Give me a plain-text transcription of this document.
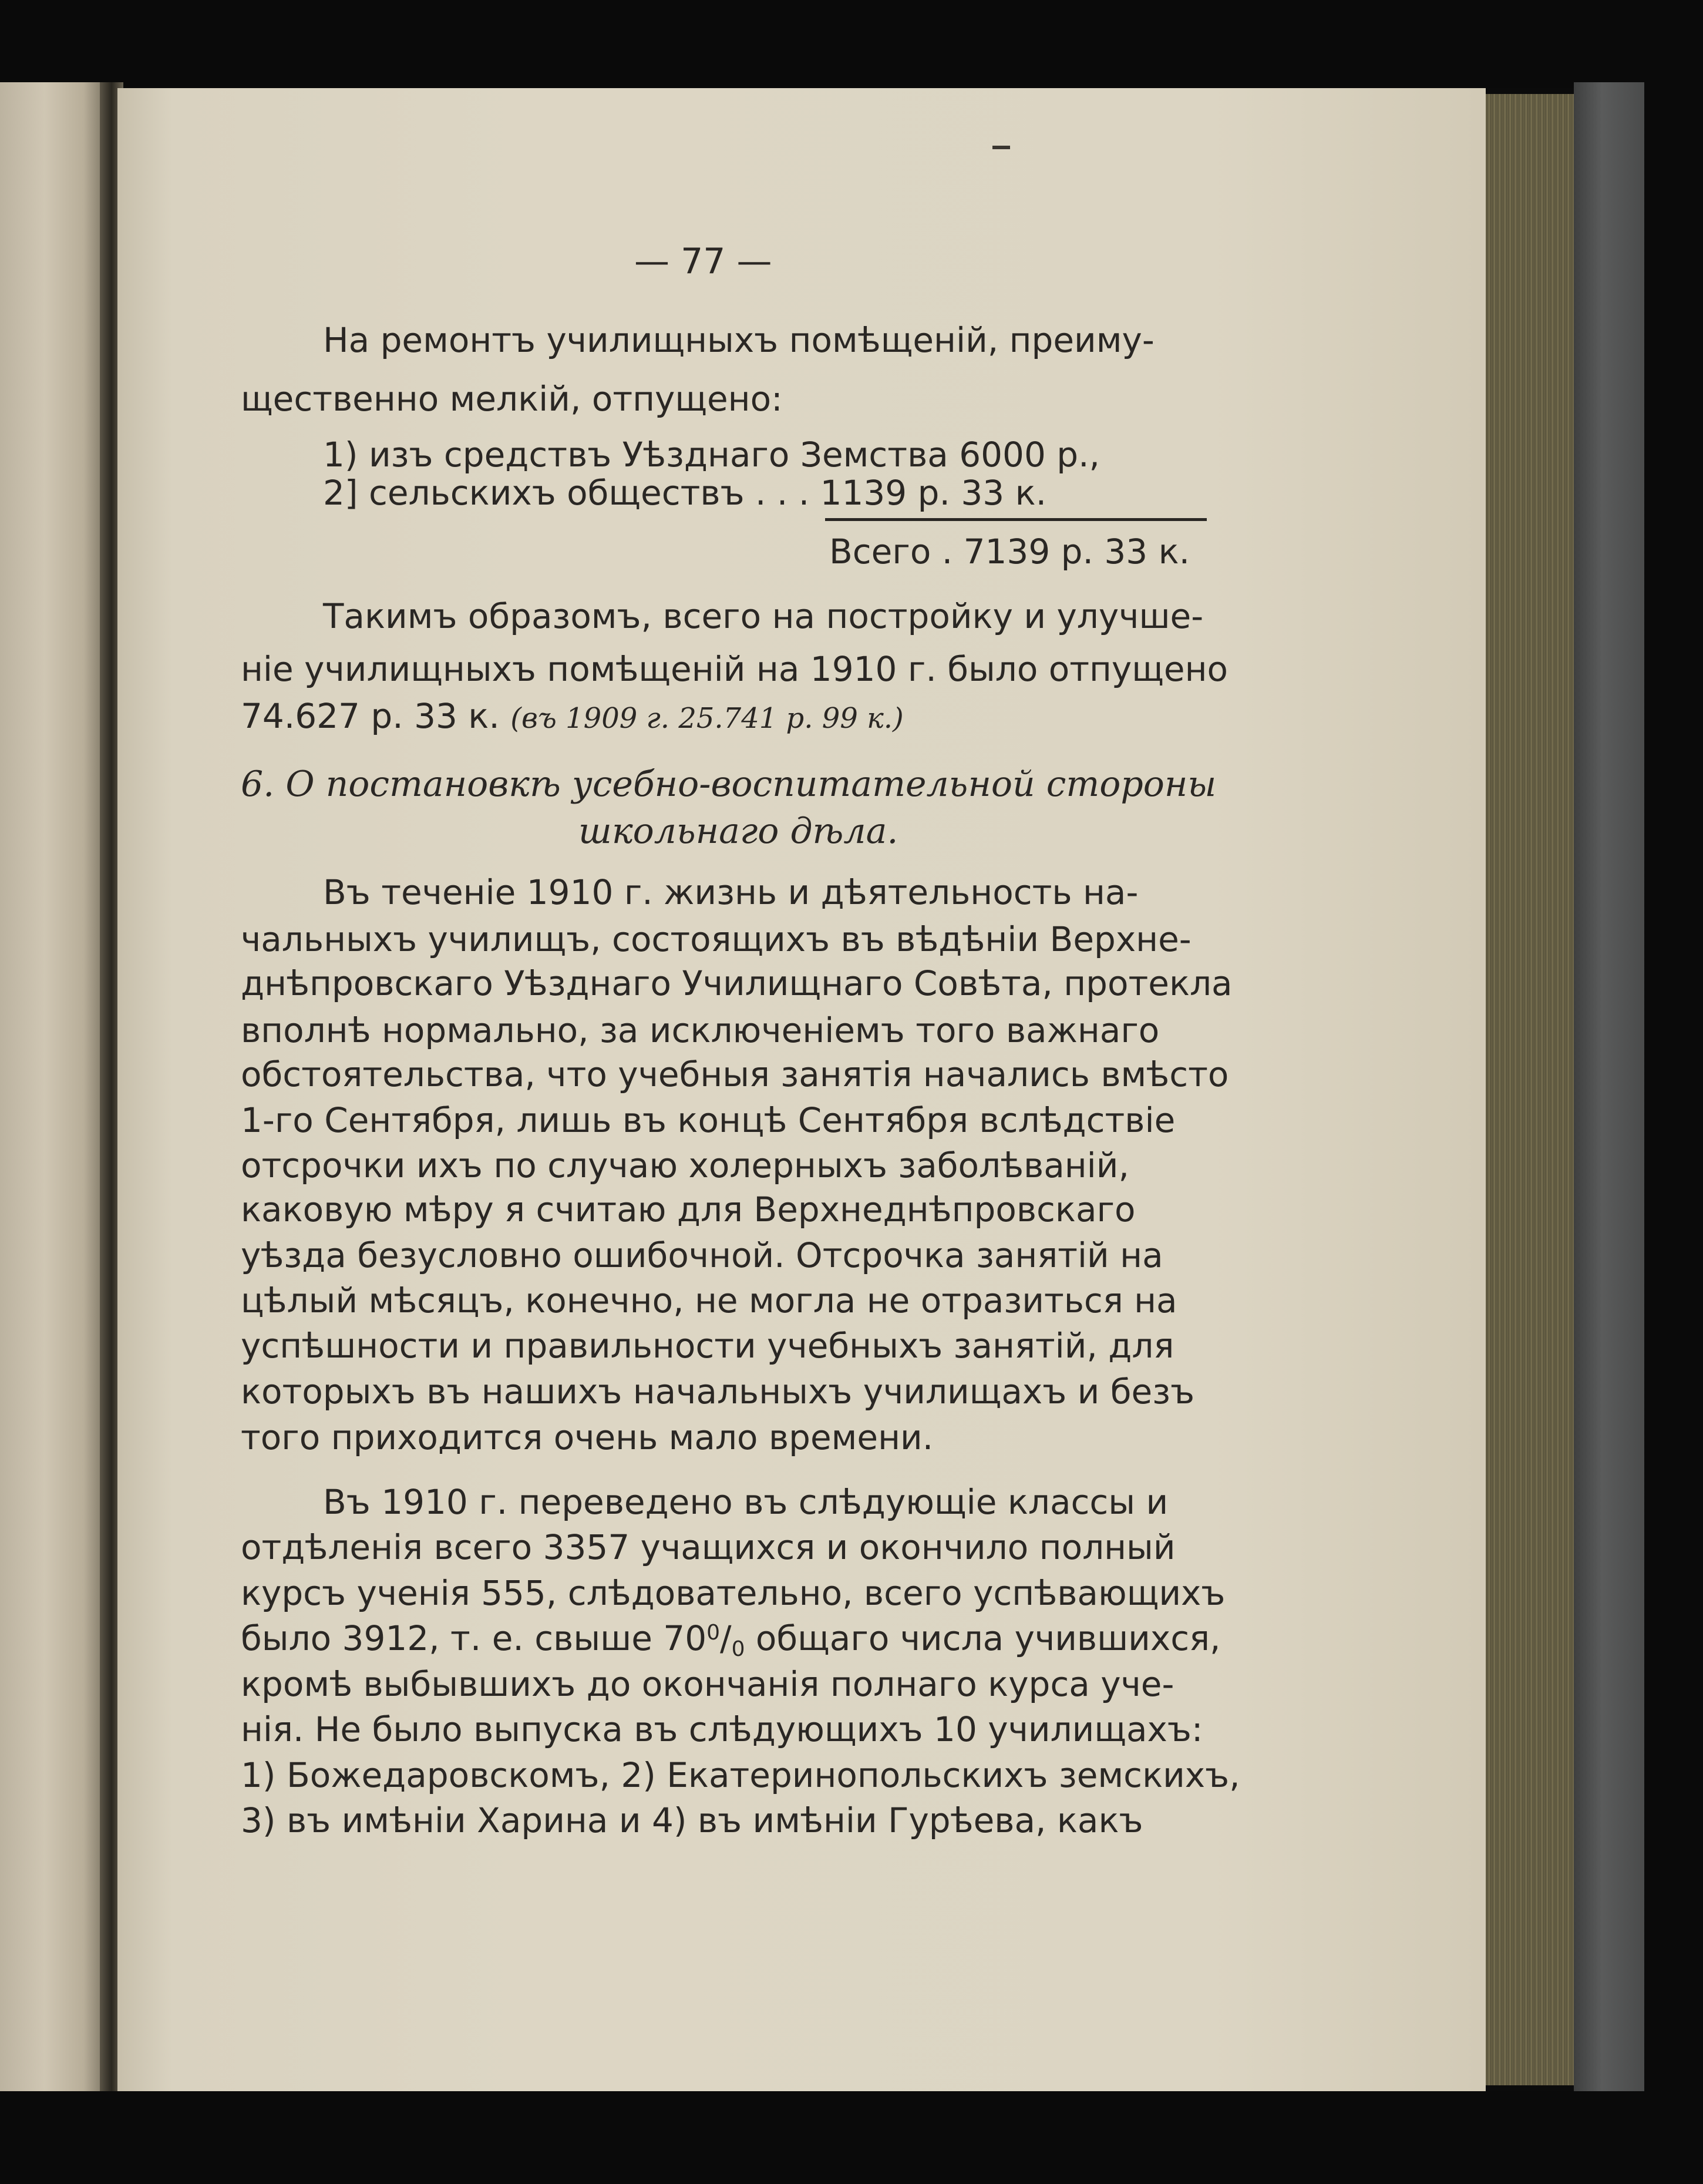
— 77 —
На ремонтъ училищныхъ помѣщеній, преиму-
щественно мелкій, отпущено:
1) изъ средствъ Уѣзднаго Земства 6000 р.,
2] сельскихъ обществъ . . . 1139 р. 33 к.
Всего . 7139 р. 33 к.
Такимъ образомъ, всего на постройку и улучше-
ніе училищныхъ помѣщеній на 1910 г. было отпущено
74.627 р. 33 к. (въ 1909 г. 25.741 р. 99 к.)
6. О постановкѣ усебно-воспитательной стороны
школьнаго дѣла.
Въ теченіе 1910 г. жизнь и дѣятельность на-
чальныхъ училищъ, состоящихъ въ вѣдѣніи Верхне-
днѣпровскаго Уѣзднаго Училищнаго Совѣта, протекла
вполнѣ нормально, за исключеніемъ того важнаго
обстоятельства, что учебныя занятія начались вмѣсто
1-го Сентября, лишь въ концѣ Сентября вслѣдствіе
отсрочки ихъ по случаю холерныхъ заболѣваній,
каковую мѣру я считаю для Верхнеднѣпровскаго
уѣзда безусловно ошибочной. Отсрочка занятій на
цѣлый мѣсяцъ, конечно, не могла не отразиться на
успѣшности и правильности учебныхъ занятій, для
которыхъ въ нашихъ начальныхъ училищахъ и безъ
того приходится очень мало времени.
Въ 1910 г. переведено въ слѣдующіе классы и
отдѣленія всего 3357 учащихся и окончило полный
курсъ ученія 555, слѣдовательно, всего успѣвающихъ
было 3912, т. е. свыше $70^0/_0$ общаго числа учившихся,
кромѣ выбывшихъ до окончанія полнаго курса уче-
нія. Не было выпуска въ слѣдующихъ 10 училищахъ:
1) Божедаровскомъ, 2) Екатеринопольскихъ земскихъ,
3) въ имѣніи Харина и 4) въ имѣніи Гурѣева, какъ
